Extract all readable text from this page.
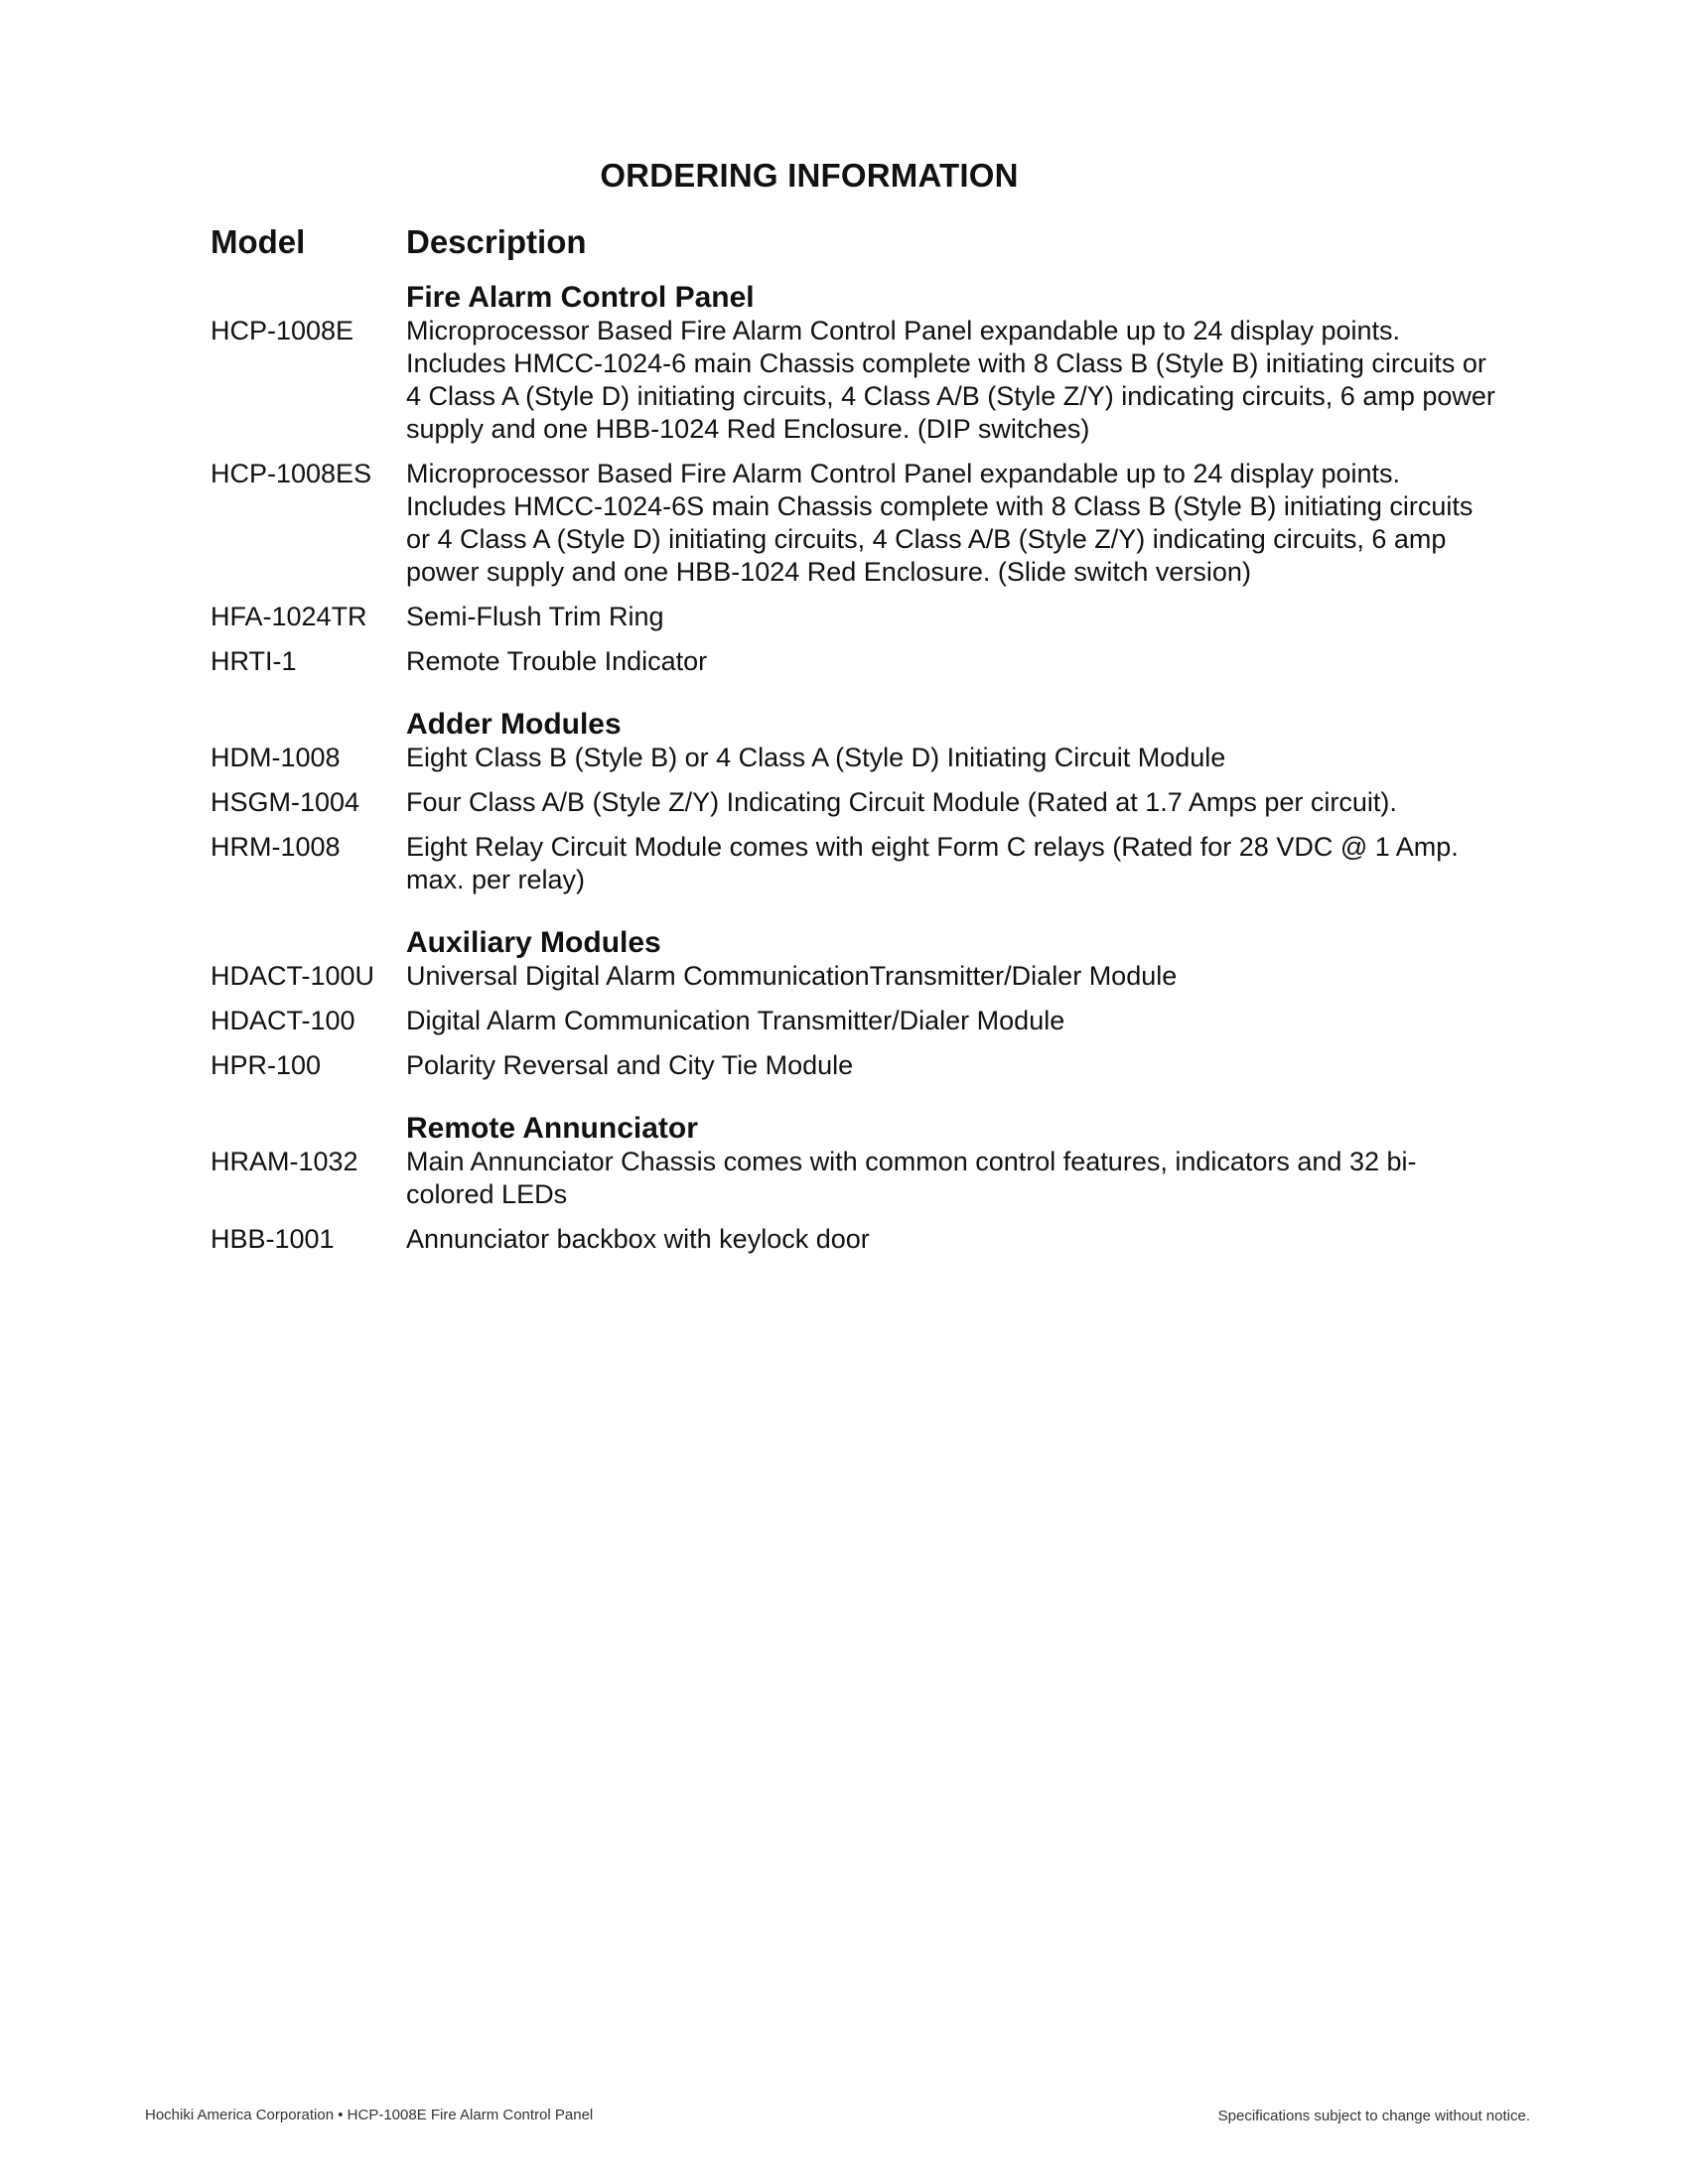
ORDERING INFORMATION
Model	Description
Fire Alarm Control Panel
HCP-1008E	Microprocessor Based Fire Alarm Control Panel expandable up to 24 display points. Includes HMCC-1024-6 main Chassis complete with 8 Class B (Style B) initiating circuits or 4 Class A (Style D) initiating circuits, 4 Class A/B (Style Z/Y) indicating circuits, 6 amp power supply and one HBB-1024 Red Enclosure. (DIP switches)
HCP-1008ES	Microprocessor Based Fire Alarm Control Panel expandable up to 24 display points. Includes HMCC-1024-6S main Chassis complete with 8 Class B (Style B) initiating circuits or 4 Class A (Style D) initiating circuits, 4 Class A/B (Style Z/Y) indicating circuits, 6 amp power supply and one HBB-1024 Red Enclosure. (Slide switch version)
HFA-1024TR	Semi-Flush Trim Ring
HRTI-1	Remote Trouble Indicator
Adder Modules
HDM-1008	Eight Class B (Style B) or 4 Class A (Style D) Initiating Circuit Module
HSGM-1004	Four Class A/B (Style Z/Y) Indicating Circuit Module (Rated at 1.7 Amps per circuit).
HRM-1008	Eight Relay Circuit Module comes with eight Form C relays (Rated for 28 VDC @ 1 Amp. max. per relay)
Auxiliary Modules
HDACT-100U	Universal Digital Alarm CommunicationTransmitter/Dialer Module
HDACT-100	Digital Alarm Communication Transmitter/Dialer Module
HPR-100	Polarity Reversal and City Tie Module
Remote Annunciator
HRAM-1032	Main Annunciator Chassis comes with common control features, indicators and 32 bi-colored LEDs
HBB-1001	Annunciator backbox with keylock door
Hochiki America Corporation • HCP-1008E Fire Alarm Control Panel	Specifications subject to change without notice.
